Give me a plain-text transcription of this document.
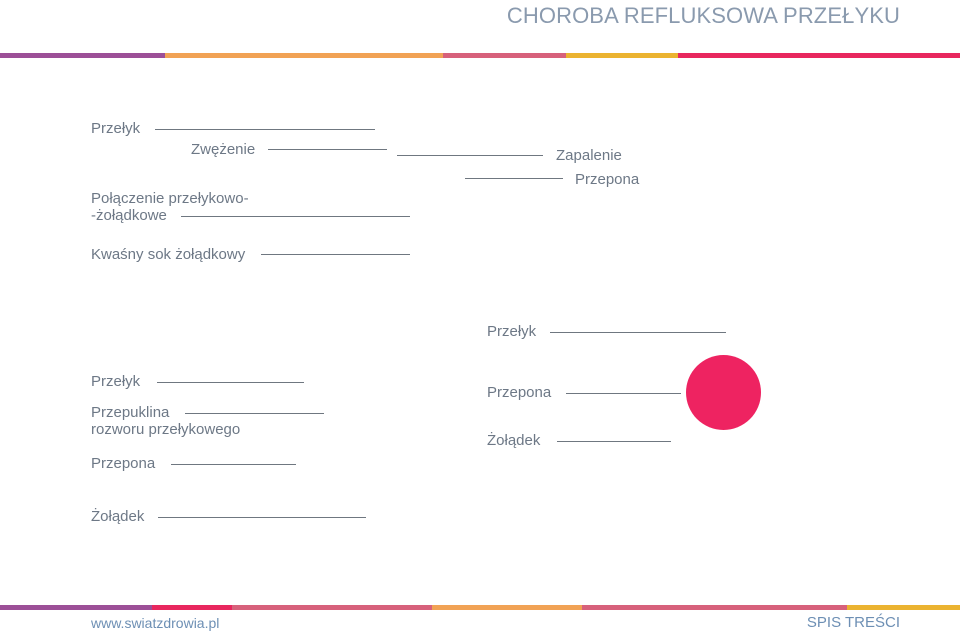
CHOROBA REFLUKSOWA PRZEŁYKU
Przełyk
Zwężenie
Połączenie przełykowo-
-żołądkowe
Kwaśny sok żołądkowy
Zapalenie
Przepona
Przełyk
Przepuklina
rozworu przełykowego
Przepona
Żołądek
Przełyk
Przepona
Żołądek
www.swiatzdrowia.pl	SPIS TREŚCI
